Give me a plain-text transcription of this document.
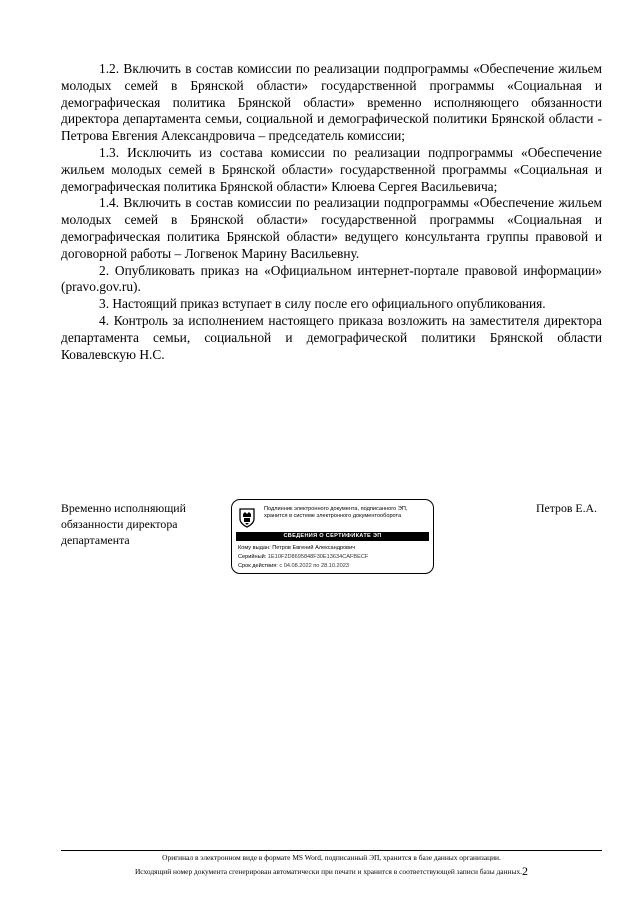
1.2. Включить в состав комиссии по реализации подпрограммы «Обеспечение жильем молодых семей в Брянской области» государственной программы «Социальная и демографическая политика Брянской области» временно исполняющего обязанности директора департамента семьи, социальной и демографической политики Брянской области - Петрова Евгения Александровича – председатель комиссии;

1.3. Исключить из состава комиссии по реализации подпрограммы «Обеспечение жильем молодых семей в Брянской области» государственной программы «Социальная и демографическая политика Брянской области» Клюева Сергея Васильевича;

1.4. Включить в состав комиссии по реализации подпрограммы «Обеспечение жильем молодых семей в Брянской области» государственной программы «Социальная и демографическая политика Брянской области» ведущего консультанта группы правовой и договорной работы – Логвенок Марину Васильевну.

2. Опубликовать приказ на «Официальном интернет-портале правовой информации» (pravo.gov.ru).

3. Настоящий приказ вступает в силу после его официального опубликования.

4. Контроль за исполнением настоящего приказа возложить на заместителя директора департамента семьи, социальной и демографической политики Брянской области Ковалевскую Н.С.

Временно исполняющий обязанности директора департамента

Подлинник электронного документа, подписанного ЭП, хранится в системе электронного документооборота

СВЕДЕНИЯ О СЕРТИФИКАТЕ ЭП

Кому выдан: Петров Евгений Александрович

Серийный: 1E10F2D8695848F30E13634CAFBECF

Срок действия: с 04.08.2022 по 28.10.2023

Петров Е.А.

Оригинал в электронном виде в формате MS Word, подписанный ЭП, хранится в базе данных организации.

Исходящий номер документа сгенерирован автоматически при печати и хранится в соответствующей записи базы данных.2
